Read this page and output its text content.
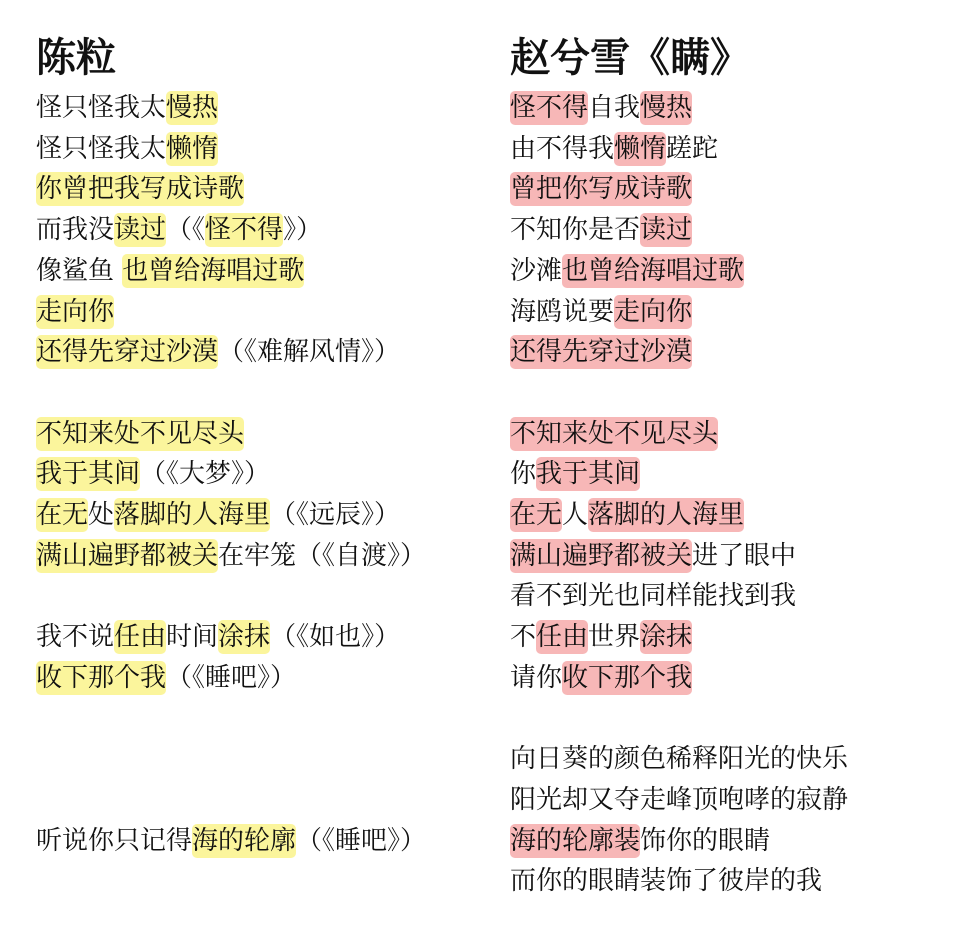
陈粒
怪只怪我太慢热
怪只怪我太懒惰
你曾把我写成诗歌
而我没读过（《怪不得》）
像鲨鱼 也曾给海唱过歌
走向你
还得先穿过沙漠（《难解风情》）
不知来处不见尽头
我于其间（《大梦》）
在无处落脚的人海里（《远辰》）
满山遍野都被关在牢笼（《自渡》）
我不说任由时间涂抹（《如也》）
收下那个我（《睡吧》）
听说你只记得海的轮廓（《睡吧》）
赵兮雪《瞒》
怪不得自我慢热
由不得我懒惰蹉跎
曾把你写成诗歌
不知你是否读过
沙滩也曾给海唱过歌
海鸥说要走向你
还得先穿过沙漠
不知来处不见尽头
你我于其间
在无人落脚的人海里
满山遍野都被关进了眼中
看不到光也同样能找到我
不任由世界涂抹
请你收下那个我
向日葵的颜色稀释阳光的快乐
阳光却又夺走峰顶咆哮的寂静
海的轮廓装饰你的眼睛
而你的眼睛装饰了彼岸的我
